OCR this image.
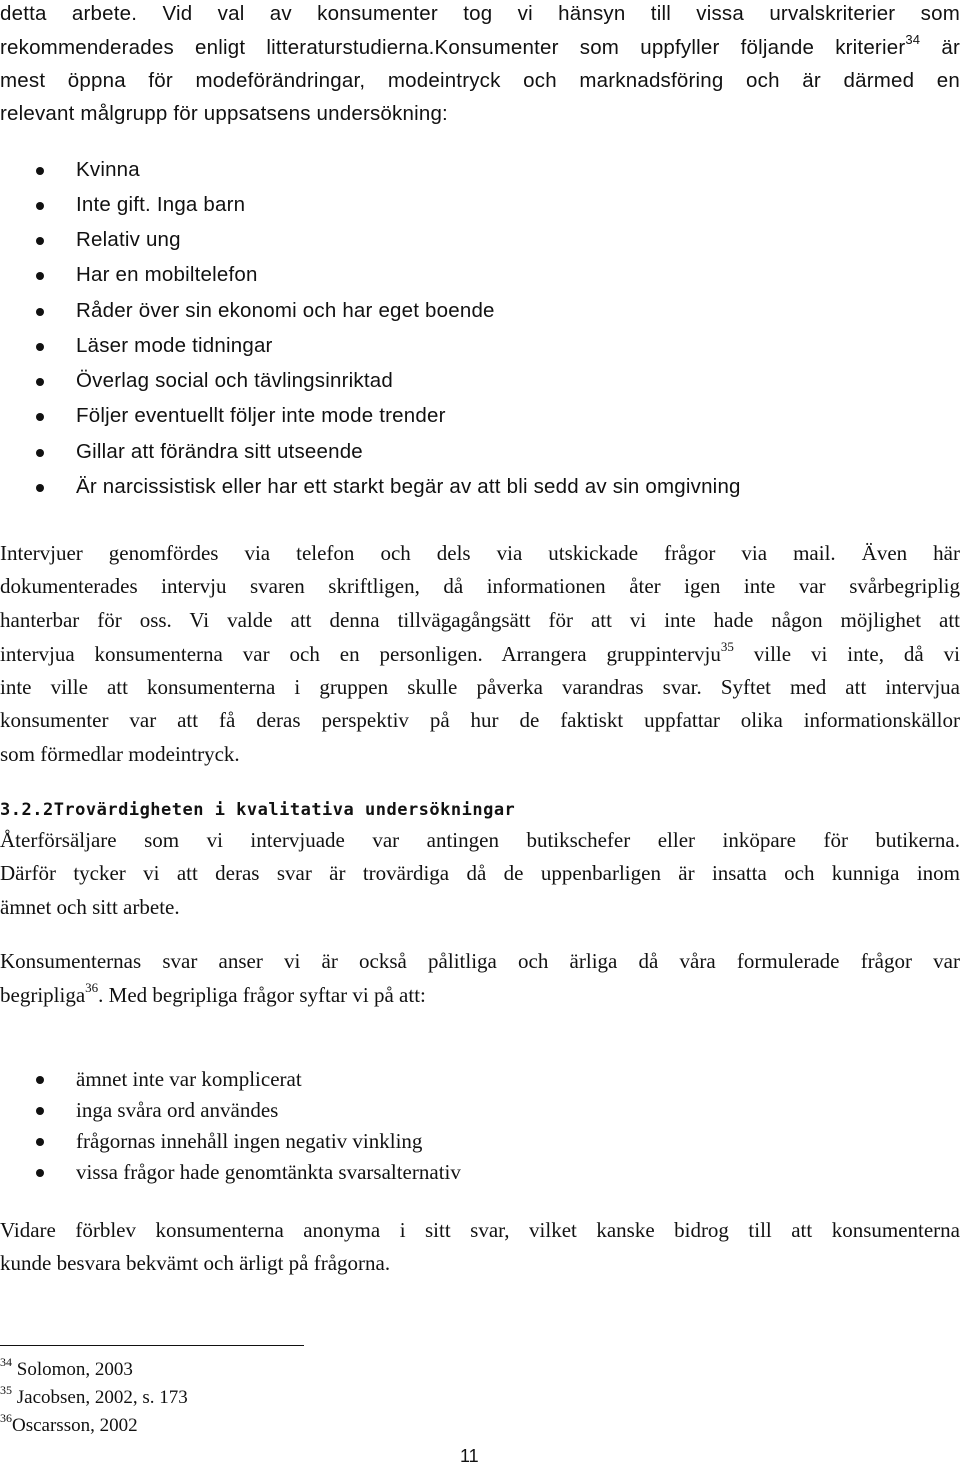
detta arbete. Vid val av konsumenter tog vi hänsyn till vissa urvalskriterier som
rekommenderades enligt litteraturstudierna.Konsumenter som uppfyller följande kriterier$^{34}$ är
mest öppna för modeförändringar, modeintryck och marknadsföring och är därmed en
relevant målgrupp för uppsatsens undersökning:
Kvinna
Inte gift. Inga barn
Relativ ung
Har en mobiltelefon
Råder över sin ekonomi och har eget boende
Läser mode tidningar
Överlag social och tävlingsinriktad
Följer eventuellt följer inte mode trender
Gillar att förändra sitt utseende
Är narcissistisk eller har ett starkt begär av att bli sedd av sin omgivning
Intervjuer genomfördes via telefon och dels via utskickade frågor via mail. Även här
dokumenterades intervju svaren skriftligen, då informationen åter igen inte var svårbegriplig
hanterbar för oss. Vi valde att denna tillvägagångsätt för att vi inte hade någon möjlighet att
intervjua konsumenterna var och en personligen. Arrangera gruppintervju$^{35}$ ville vi inte, då vi
inte ville att konsumenterna i gruppen skulle påverka varandras svar. Syftet med att intervjua
konsumenter var att få deras perspektiv på hur de faktiskt uppfattar olika informationskällor
som förmedlar modeintryck.
3.2.2Trovärdigheten i kvalitativa undersökningar
Återförsäljare som vi intervjuade var antingen butikschefer eller inköpare för butikerna.
Därför tycker vi att deras svar är trovärdiga då de uppenbarligen är insatta och kunniga inom
ämnet och sitt arbete.
Konsumenternas svar anser vi är också pålitliga och ärliga då våra formulerade frågor var
begripliga$^{36}$. Med begripliga frågor syftar vi på att:
ämnet inte var komplicerat
inga svåra ord användes
frågornas innehåll ingen negativ vinkling
vissa frågor hade genomtänkta svarsalternativ
Vidare förblev konsumenterna anonyma i sitt svar, vilket kanske bidrog till att konsumenterna
kunde besvara bekvämt och ärligt på frågorna.
$^{34}$ Solomon, 2003
$^{35}$ Jacobsen, 2002, s. 173
$^{36}$Oscarsson, 2002
11
